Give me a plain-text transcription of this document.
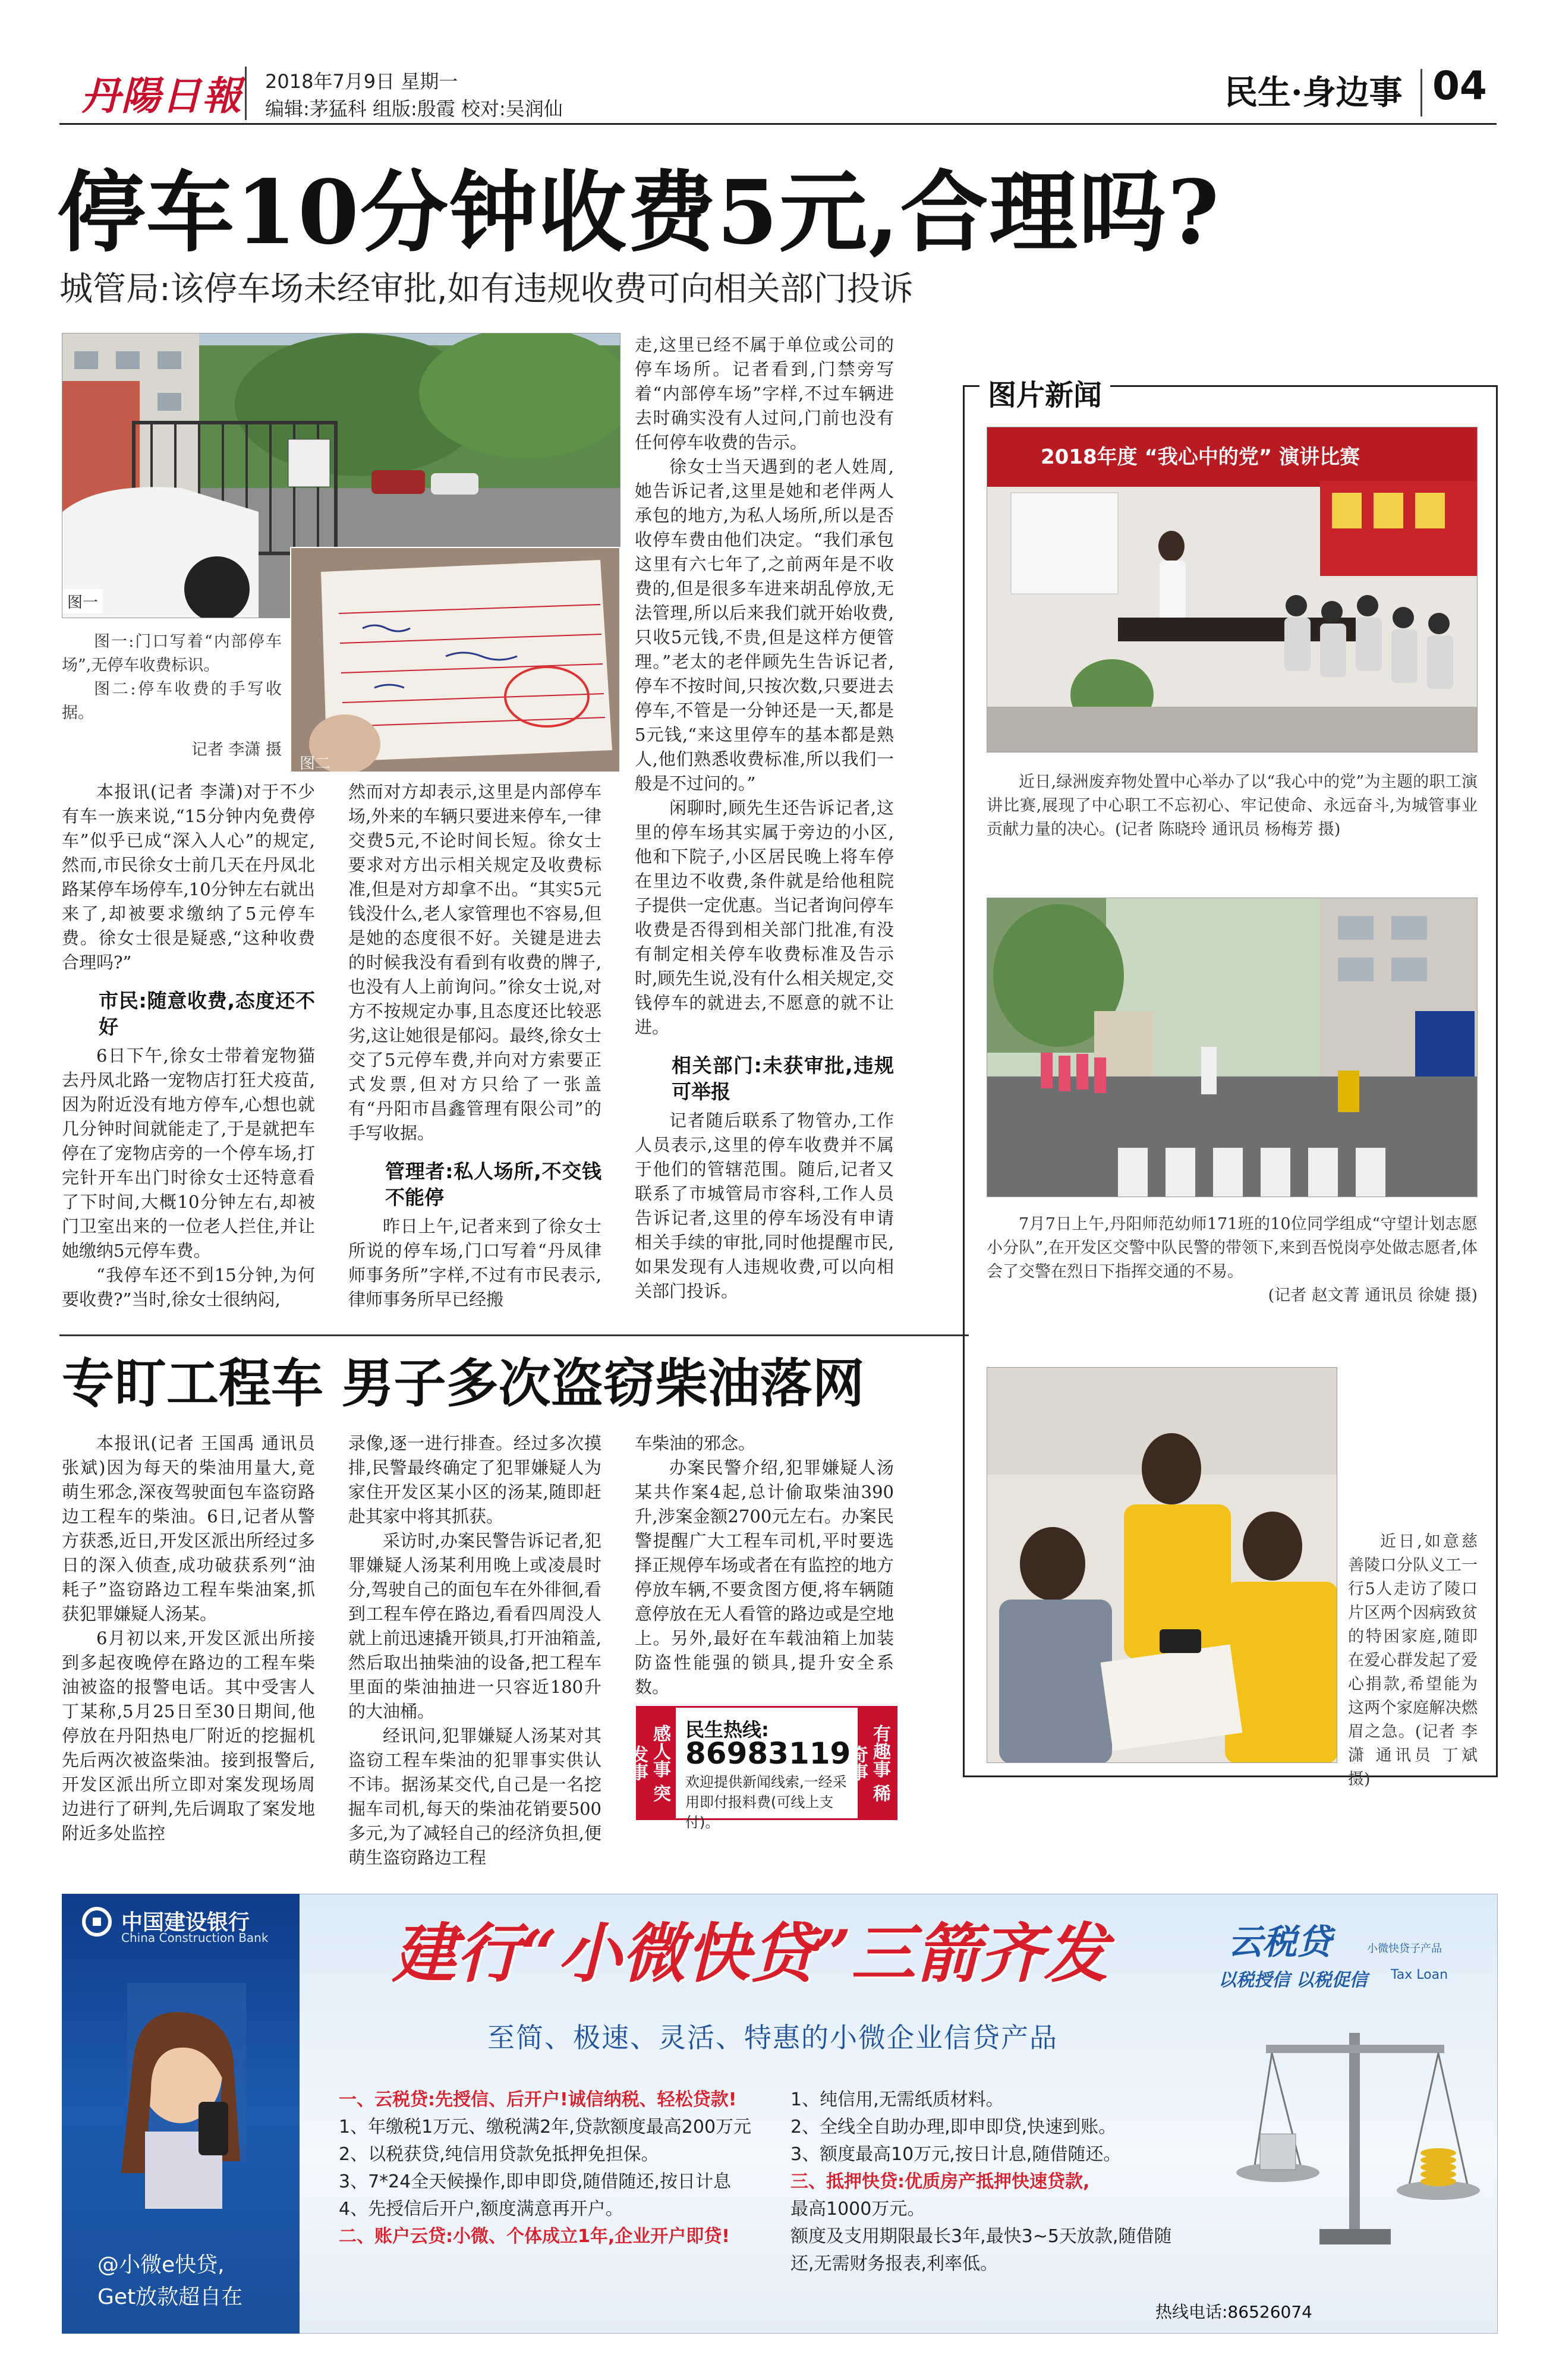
丹陽日報 2018年7月9日 星期一
编辑:茅猛科 组版:殷霞 校对:吴润仙	民生·身边事 04
停车10分钟收费5元,合理吗?
城管局:该停车场未经审批,如有违规收费可向相关部门投诉
图一
图二

图一:门口写着“内部停车场”,无停车收费标识。

图二:停车收费的手写收据。

记者 李潇 摄

本报讯(记者 李潇)对于不少有车一族来说,“15分钟内免费停车”似乎已成“深入人心”的规定,然而,市民徐女士前几天在丹凤北路某停车场停车,10分钟左右就出来了,却被要求缴纳了5元停车费。徐女士很是疑惑,“这种收费合理吗?”

市民:随意收费,态度还不好

6日下午,徐女士带着宠物猫去丹凤北路一宠物店打狂犬疫苗,因为附近没有地方停车,心想也就几分钟时间就能走了,于是就把车停在了宠物店旁的一个停车场,打完针开车出门时徐女士还特意看了下时间,大概10分钟左右,却被门卫室出来的一位老人拦住,并让她缴纳5元停车费。

“我停车还不到15分钟,为何要收费?”当时,徐女士很纳闷,

然而对方却表示,这里是内部停车场,外来的车辆只要进来停车,一律交费5元,不论时间长短。徐女士要求对方出示相关规定及收费标准,但是对方却拿不出。“其实5元钱没什么,老人家管理也不容易,但是她的态度很不好。关键是进去的时候我没有看到有收费的牌子,也没有人上前询问。”徐女士说,对方不按规定办事,且态度还比较恶劣,这让她很是郁闷。最终,徐女士交了5元停车费,并向对方索要正式发票,但对方只给了一张盖有“丹阳市昌鑫管理有限公司”的手写收据。

管理者:私人场所,不交钱不能停

昨日上午,记者来到了徐女士所说的停车场,门口写着“丹凤律师事务所”字样,不过有市民表示,律师事务所早已经搬

走,这里已经不属于单位或公司的停车场所。记者看到,门禁旁写着“内部停车场”字样,不过车辆进去时确实没有人过问,门前也没有任何停车收费的告示。

徐女士当天遇到的老人姓周,她告诉记者,这里是她和老伴两人承包的地方,为私人场所,所以是否收停车费由他们决定。“我们承包这里有六七年了,之前两年是不收费的,但是很多车进来胡乱停放,无法管理,所以后来我们就开始收费,只收5元钱,不贵,但是这样方便管理。”老太的老伴顾先生告诉记者,停车不按时间,只按次数,只要进去停车,不管是一分钟还是一天,都是5元钱,“来这里停车的基本都是熟人,他们熟悉收费标准,所以我们一般是不过问的。”

闲聊时,顾先生还告诉记者,这里的停车场其实属于旁边的小区,他和下院子,小区居民晚上将车停在里边不收费,条件就是给他租院子提供一定优惠。当记者询问停车收费是否得到相关部门批准,有没有制定相关停车收费标准及告示时,顾先生说,没有什么相关规定,交钱停车的就进去,不愿意的就不让进。

相关部门:未获审批,违规可举报

记者随后联系了物管办,工作人员表示,这里的停车收费并不属于他们的管辖范围。随后,记者又联系了市城管局市容科,工作人员告诉记者,这里的停车场没有申请相关手续的审批,同时他提醒市民,如果发现有人违规收费,可以向相关部门投诉。

专盯工程车 男子多次盗窃柴油落网

本报讯(记者 王国禹 通讯员 张斌)因为每天的柴油用量大,竟萌生邪念,深夜驾驶面包车盗窃路边工程车的柴油。6日,记者从警方获悉,近日,开发区派出所经过多日的深入侦查,成功破获系列“油耗子”盗窃路边工程车柴油案,抓获犯罪嫌疑人汤某。

6月初以来,开发区派出所接到多起夜晚停在路边的工程车柴油被盗的报警电话。其中受害人丁某称,5月25日至30日期间,他停放在丹阳热电厂附近的挖掘机先后两次被盗柴油。接到报警后,开发区派出所立即对案发现场周边进行了研判,先后调取了案发地附近多处监控

录像,逐一进行排查。经过多次摸排,民警最终确定了犯罪嫌疑人为家住开发区某小区的汤某,随即赶赴其家中将其抓获。

采访时,办案民警告诉记者,犯罪嫌疑人汤某利用晚上或凌晨时分,驾驶自己的面包车在外徘徊,看到工程车停在路边,看看四周没人就上前迅速撬开锁具,打开油箱盖,然后取出抽柴油的设备,把工程车里面的柴油抽进一只容近180升的大油桶。

经讯问,犯罪嫌疑人汤某对其盗窃工程车柴油的犯罪事实供认不讳。据汤某交代,自己是一名挖掘车司机,每天的柴油花销要500多元,为了减轻自己的经济负担,便萌生盗窃路边工程

车柴油的邪念。

办案民警介绍,犯罪嫌疑人汤某共作案4起,总计偷取柴油390升,涉案金额2700元左右。办案民警提醒广大工程车司机,平时要选择正规停车场或者在有监控的地方停放车辆,不要贪图方便,将车辆随意停放在无人看管的路边或是空地上。另外,最好在车载油箱上加装防盗性能强的锁具,提升安全系数。

感人事 突发事
民生热线:
86983119
欢迎提供新闻线索,一经采用即付报料费(可线上支付)。
有趣事 稀奇事
图片新闻
2018年度 “我心中的党” 演讲比赛

近日,绿洲废弃物处置中心举办了以“我心中的党”为主题的职工演讲比赛,展现了中心职工不忘初心、牢记使命、永远奋斗,为城管事业贡献力量的决心。(记者 陈晓玲 通讯员 杨梅芳 摄)

7月7日上午,丹阳师范幼师171班的10位同学组成“守望计划志愿小分队”,在开发区交警中队民警的带领下,来到吾悦岗亭处做志愿者,体会了交警在烈日下指挥交通的不易。

(记者 赵文菁 通讯员 徐婕 摄)
近日,如意慈善陵口分队义工一行5人走访了陵口片区两个因病致贫的特困家庭,随即在爱心群发起了爱心捐款,希望能为这两个家庭解决燃眉之急。(记者 李潇 通讯员 丁斌 摄)
中国建设银行
China Construction Bank
@小微e快贷,
Get放款超自在
建行“小微快贷”三箭齐发
至简、极速、灵活、特惠的小微企业信贷产品
云税贷	小微快贷子产品
以税授信 以税促信 Tax Loan
一、云税贷:先授信、后开户!诚信纳税、轻松贷款!
1、年缴税1万元、缴税满2年,贷款额度最高200万元
2、以税获贷,纯信用贷款免抵押免担保。
3、7*24全天候操作,即申即贷,随借随还,按日计息
4、先授信后开户,额度满意再开户。
二、账户云贷:小微、个体成立1年,企业开户即贷!
1、纯信用,无需纸质材料。
2、全线全自助办理,即申即贷,快速到账。
3、额度最高10万元,按日计息,随借随还。
三、抵押快贷:优质房产抵押快速贷款,
最高1000万元。
额度及支用期限最长3年,最快3~5天放款,随借随还,无需财务报表,利率低。
热线电话:86526074
